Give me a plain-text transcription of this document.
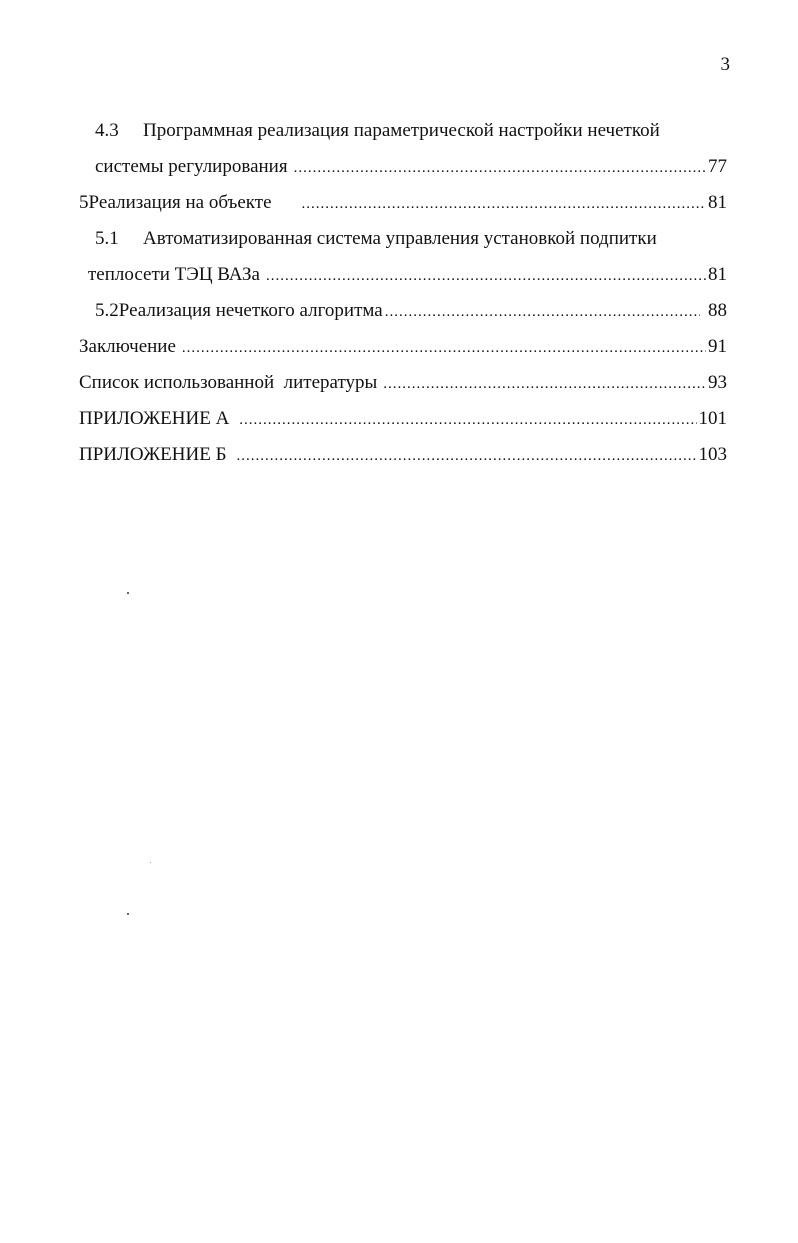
3
4.3 Программная реализация параметрической настройки нечеткой
системы регулирования .....	77
5 Реализация на объекте .....	81
5.1 Автоматизированная система управления установкой подпитки
теплосети ТЭЦ ВАЗа .....	81
5.2 Реализация нечеткого алгоритма .....	88
Заключение .....	91
Список использованной  литературы .....	93
ПРИЛОЖЕНИЕ А .....	101
ПРИЛОЖЕНИЕ Б .....	103
